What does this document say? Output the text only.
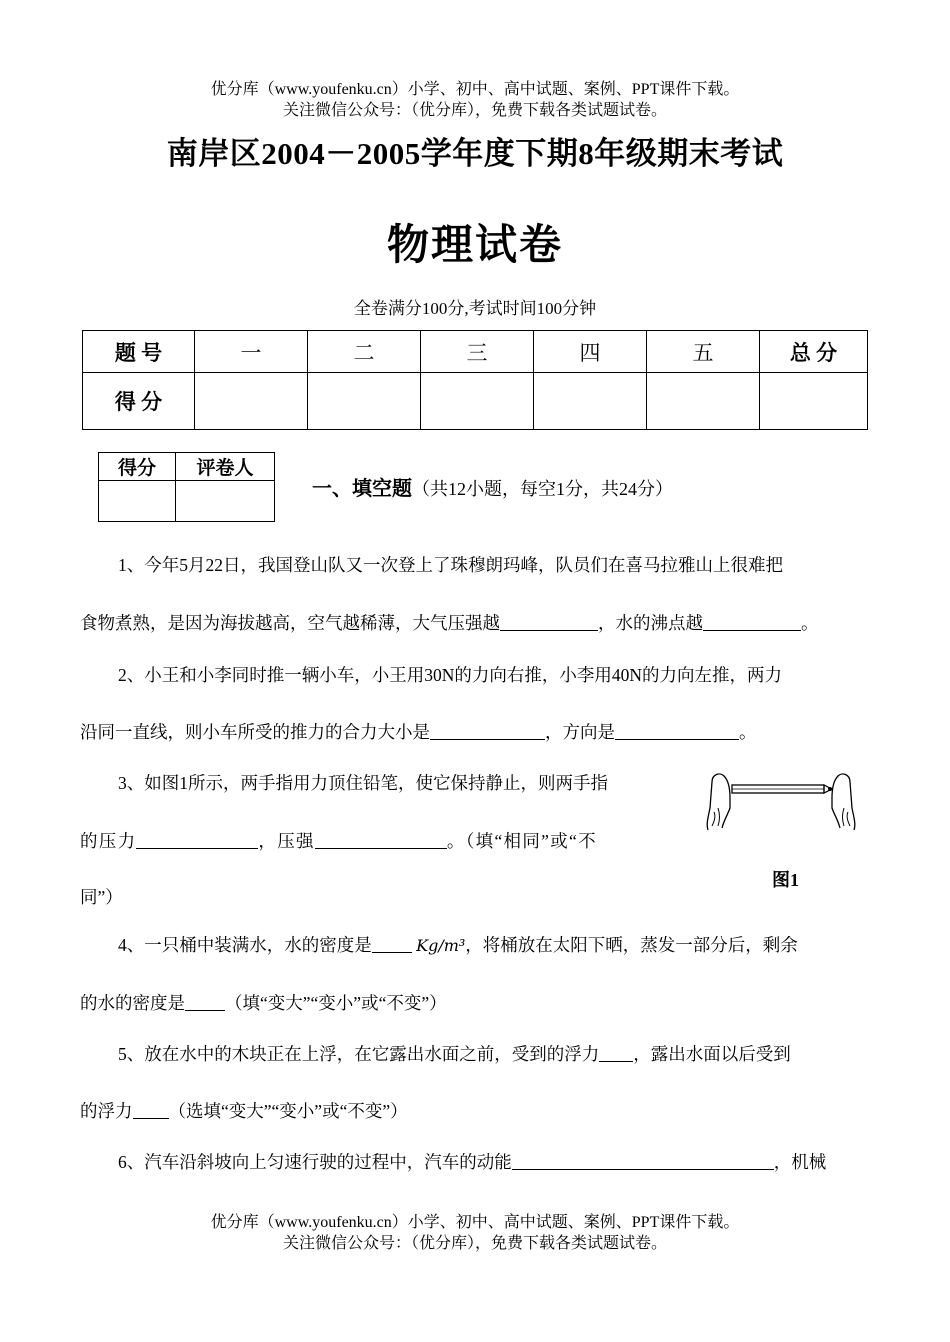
优分库（www.youfenku.cn）小学、初中、高中试题、案例、PPT课件下载。
关注微信公众号：（优分库），免费下载各类试题试卷。
南岸区2004－2005学年度下期8年级期末考试
物理试卷
全卷满分100分,考试时间100分钟
题 号	一	二	三	四	五	总 分
得 分						
得分	评卷人

一、填空题（共12小题，每空1分，共24分）
1、今年5月22日，我国登山队又一次登上了珠穆朗玛峰，队员们在喜马拉雅山上很难把
食物煮熟，是因为海拔越高，空气越稀薄，大气压强越	，水的沸点越	。
2、小王和小李同时推一辆小车，小王用30N的力向右推，小李用40N的力向左推，两力
沿同一直线，则小车所受的推力的合力大小是	，方向是	。
3、如图1所示，两手指用力顶住铅笔，使它保持静止，则两手指
的压力	，压强	。（填“相同”或“不
同”）
图1
4、一只桶中装满水，水的密度是	Kg/m³，将桶放在太阳下晒，蒸发一部分后，剩余
的水的密度是 （填“变大”“变小”或“不变”）
5、放在水中的木块正在上浮，在它露出水面之前，受到的浮力 ，露出水面以后受到
的浮力 （选填“变大”“变小”或“不变”）
6、汽车沿斜坡向上匀速行驶的过程中，汽车的动能	，机械
优分库（www.youfenku.cn）小学、初中、高中试题、案例、PPT课件下载。
关注微信公众号：（优分库），免费下载各类试题试卷。
